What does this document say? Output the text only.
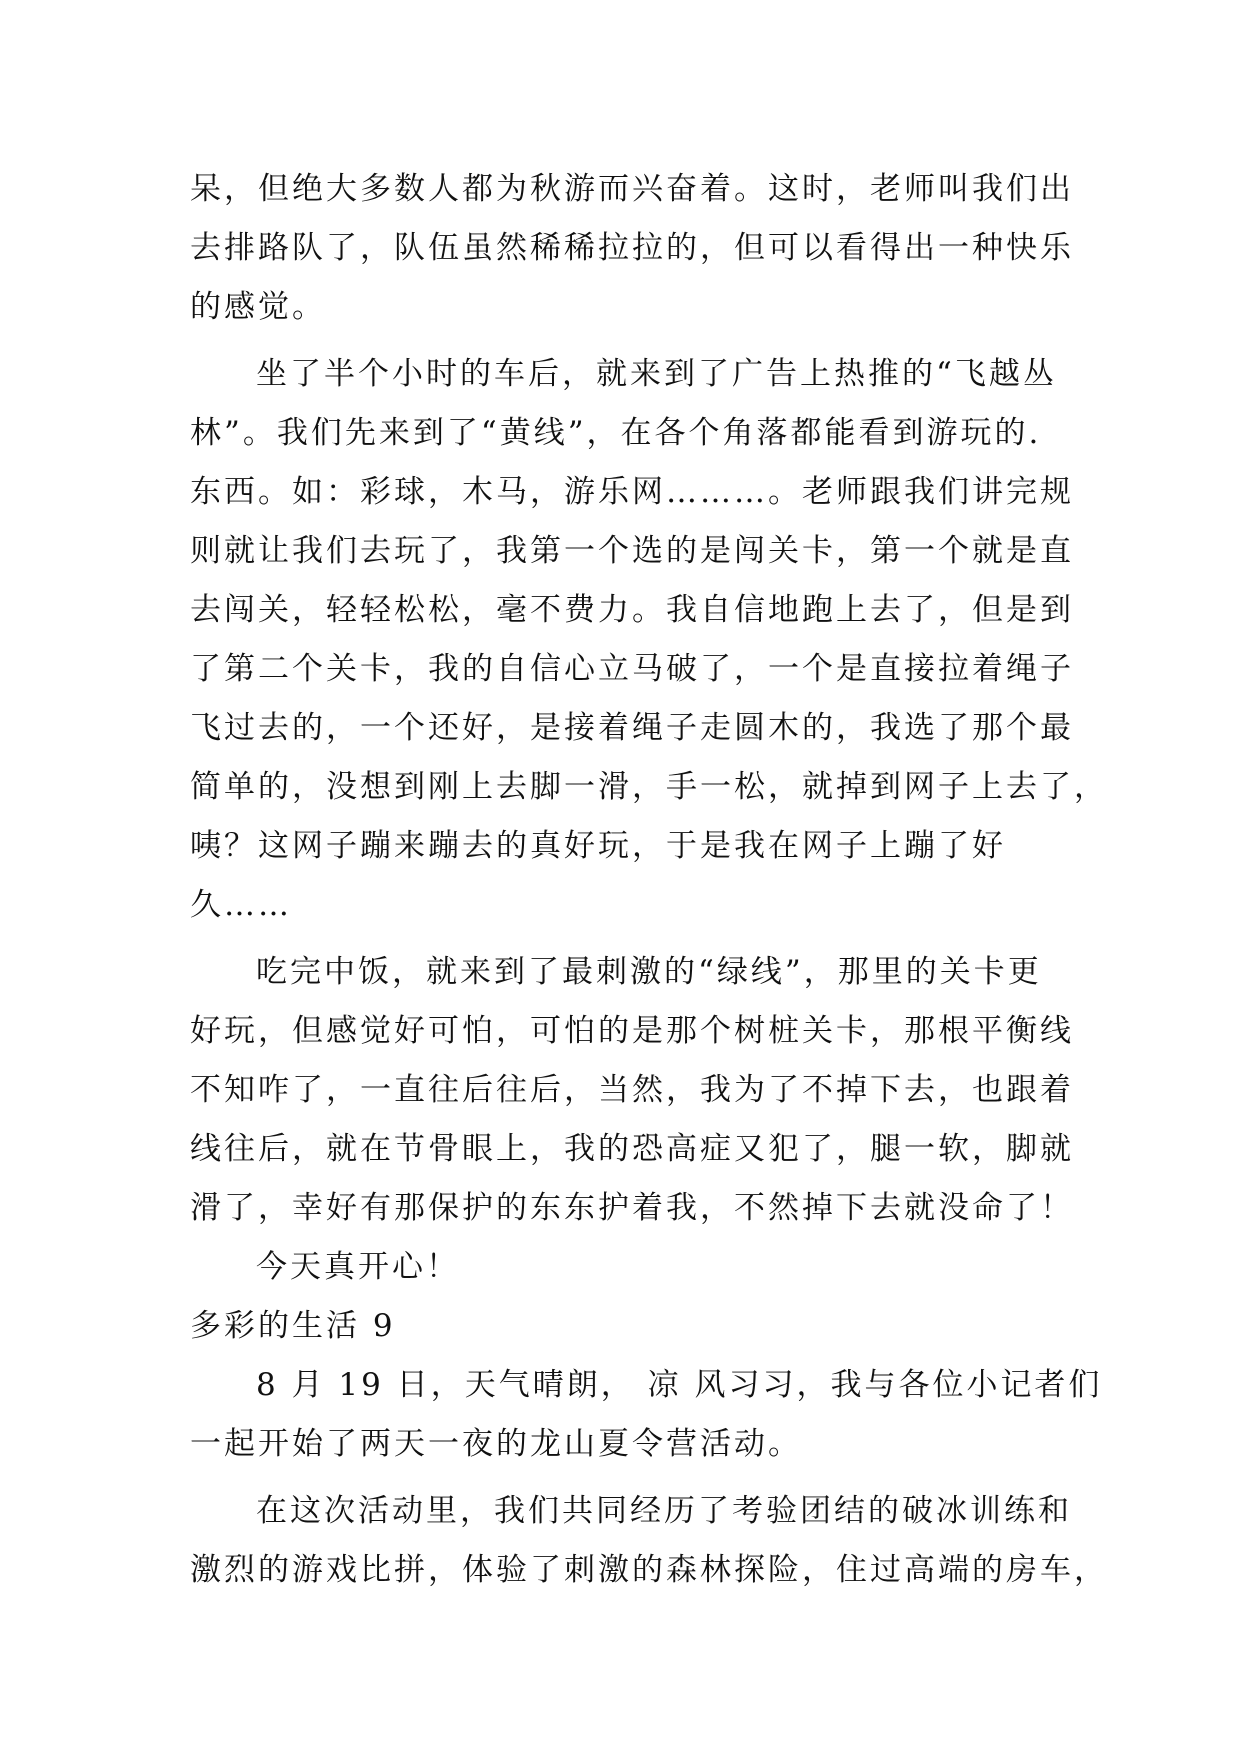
呆，但绝大多数人都为秋游而兴奋着。这时，老师叫我们出
去排路队了，队伍虽然稀稀拉拉的，但可以看得出一种快乐
的感觉。
坐了半个小时的车后，就来到了广告上热推的“飞越丛
林”。我们先来到了“黄线”，在各个角落都能看到游玩的.
东西。如：彩球，木马，游乐网………。老师跟我们讲完规
则就让我们去玩了，我第一个选的是闯关卡，第一个就是直
去闯关，轻轻松松，毫不费力。我自信地跑上去了，但是到
了第二个关卡，我的自信心立马破了，一个是直接拉着绳子
飞过去的，一个还好，是接着绳子走圆木的，我选了那个最
简单的，没想到刚上去脚一滑，手一松，就掉到网子上去了，
咦？这网子蹦来蹦去的真好玩，于是我在网子上蹦了好
久……
吃完中饭，就来到了最刺激的“绿线”，那里的关卡更
好玩，但感觉好可怕，可怕的是那个树桩关卡，那根平衡线
不知咋了，一直往后往后，当然，我为了不掉下去，也跟着
线往后，就在节骨眼上，我的恐高症又犯了，腿一软，脚就
滑了，幸好有那保护的东东护着我，不然掉下去就没命了！
今天真开心！
多彩的生活 9
8 月 19 日，天气晴朗， 凉 风习习，我与各位小记者们
一起开始了两天一夜的龙山夏令营活动。
在这次活动里，我们共同经历了考验团结的破冰训练和
激烈的游戏比拼，体验了刺激的森林探险，住过高端的房车，
